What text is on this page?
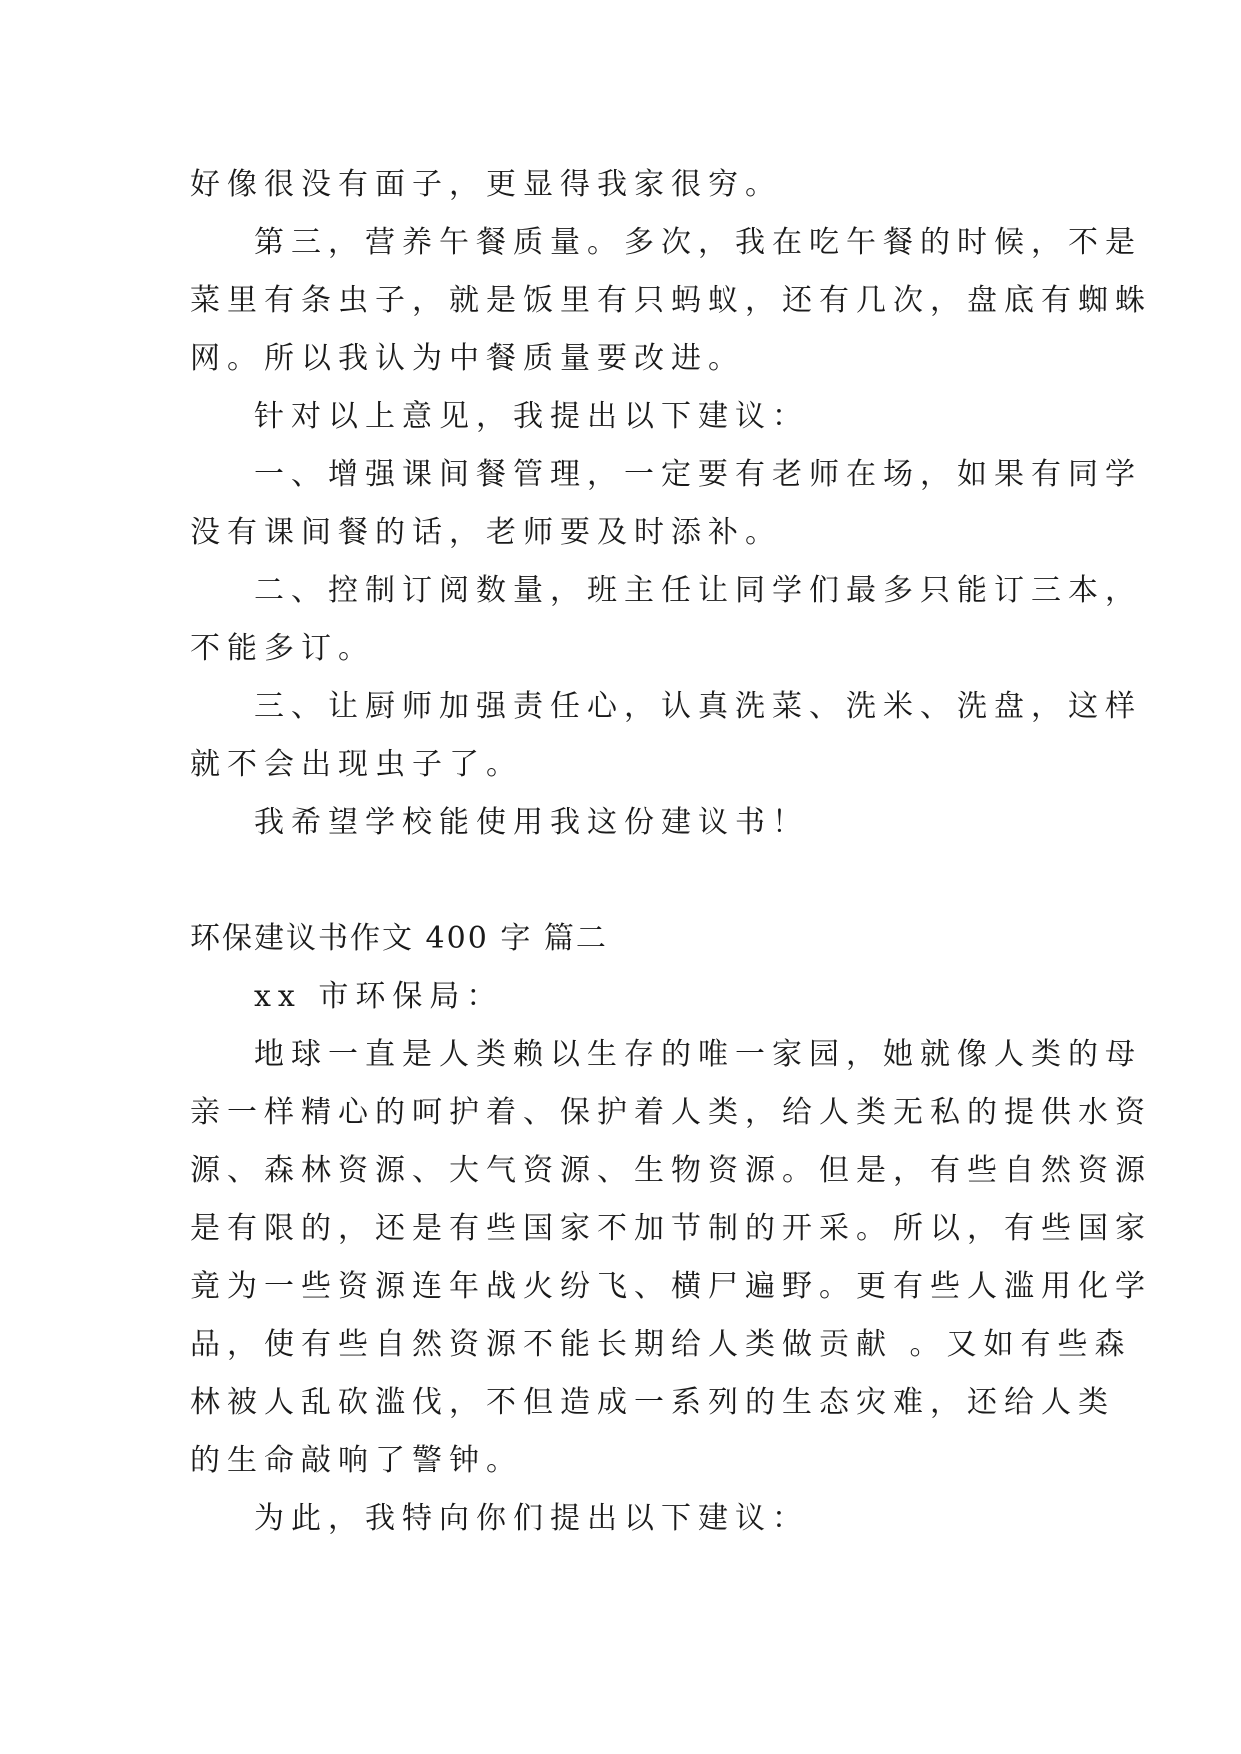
好像很没有面子，更显得我家很穷。
第三，营养午餐质量。多次，我在吃午餐的时候，不是
菜里有条虫子，就是饭里有只蚂蚁，还有几次，盘底有蜘蛛
网。所以我认为中餐质量要改进。
针对以上意见，我提出以下建议：
一、增强课间餐管理，一定要有老师在场，如果有同学
没有课间餐的话，老师要及时添补。
二、控制订阅数量，班主任让同学们最多只能订三本，
不能多订。
三、让厨师加强责任心，认真洗菜、洗米、洗盘，这样
就不会出现虫子了。
我希望学校能使用我这份建议书！
环保建议书作文 400 字 篇二
xx 市环保局：
地球一直是人类赖以生存的唯一家园，她就像人类的母
亲一样精心的呵护着、保护着人类，给人类无私的提供水资
源、森林资源、大气资源、生物资源。但是，有些自然资源
是有限的，还是有些国家不加节制的开采。所以，有些国家
竟为一些资源连年战火纷飞、横尸遍野。更有些人滥用化学
品，使有些自然资源不能长期给人类做贡献 。又如有些森
林被人乱砍滥伐，不但造成一系列的生态灾难，还给人类
的生命敲响了警钟。
为此，我特向你们提出以下建议：
